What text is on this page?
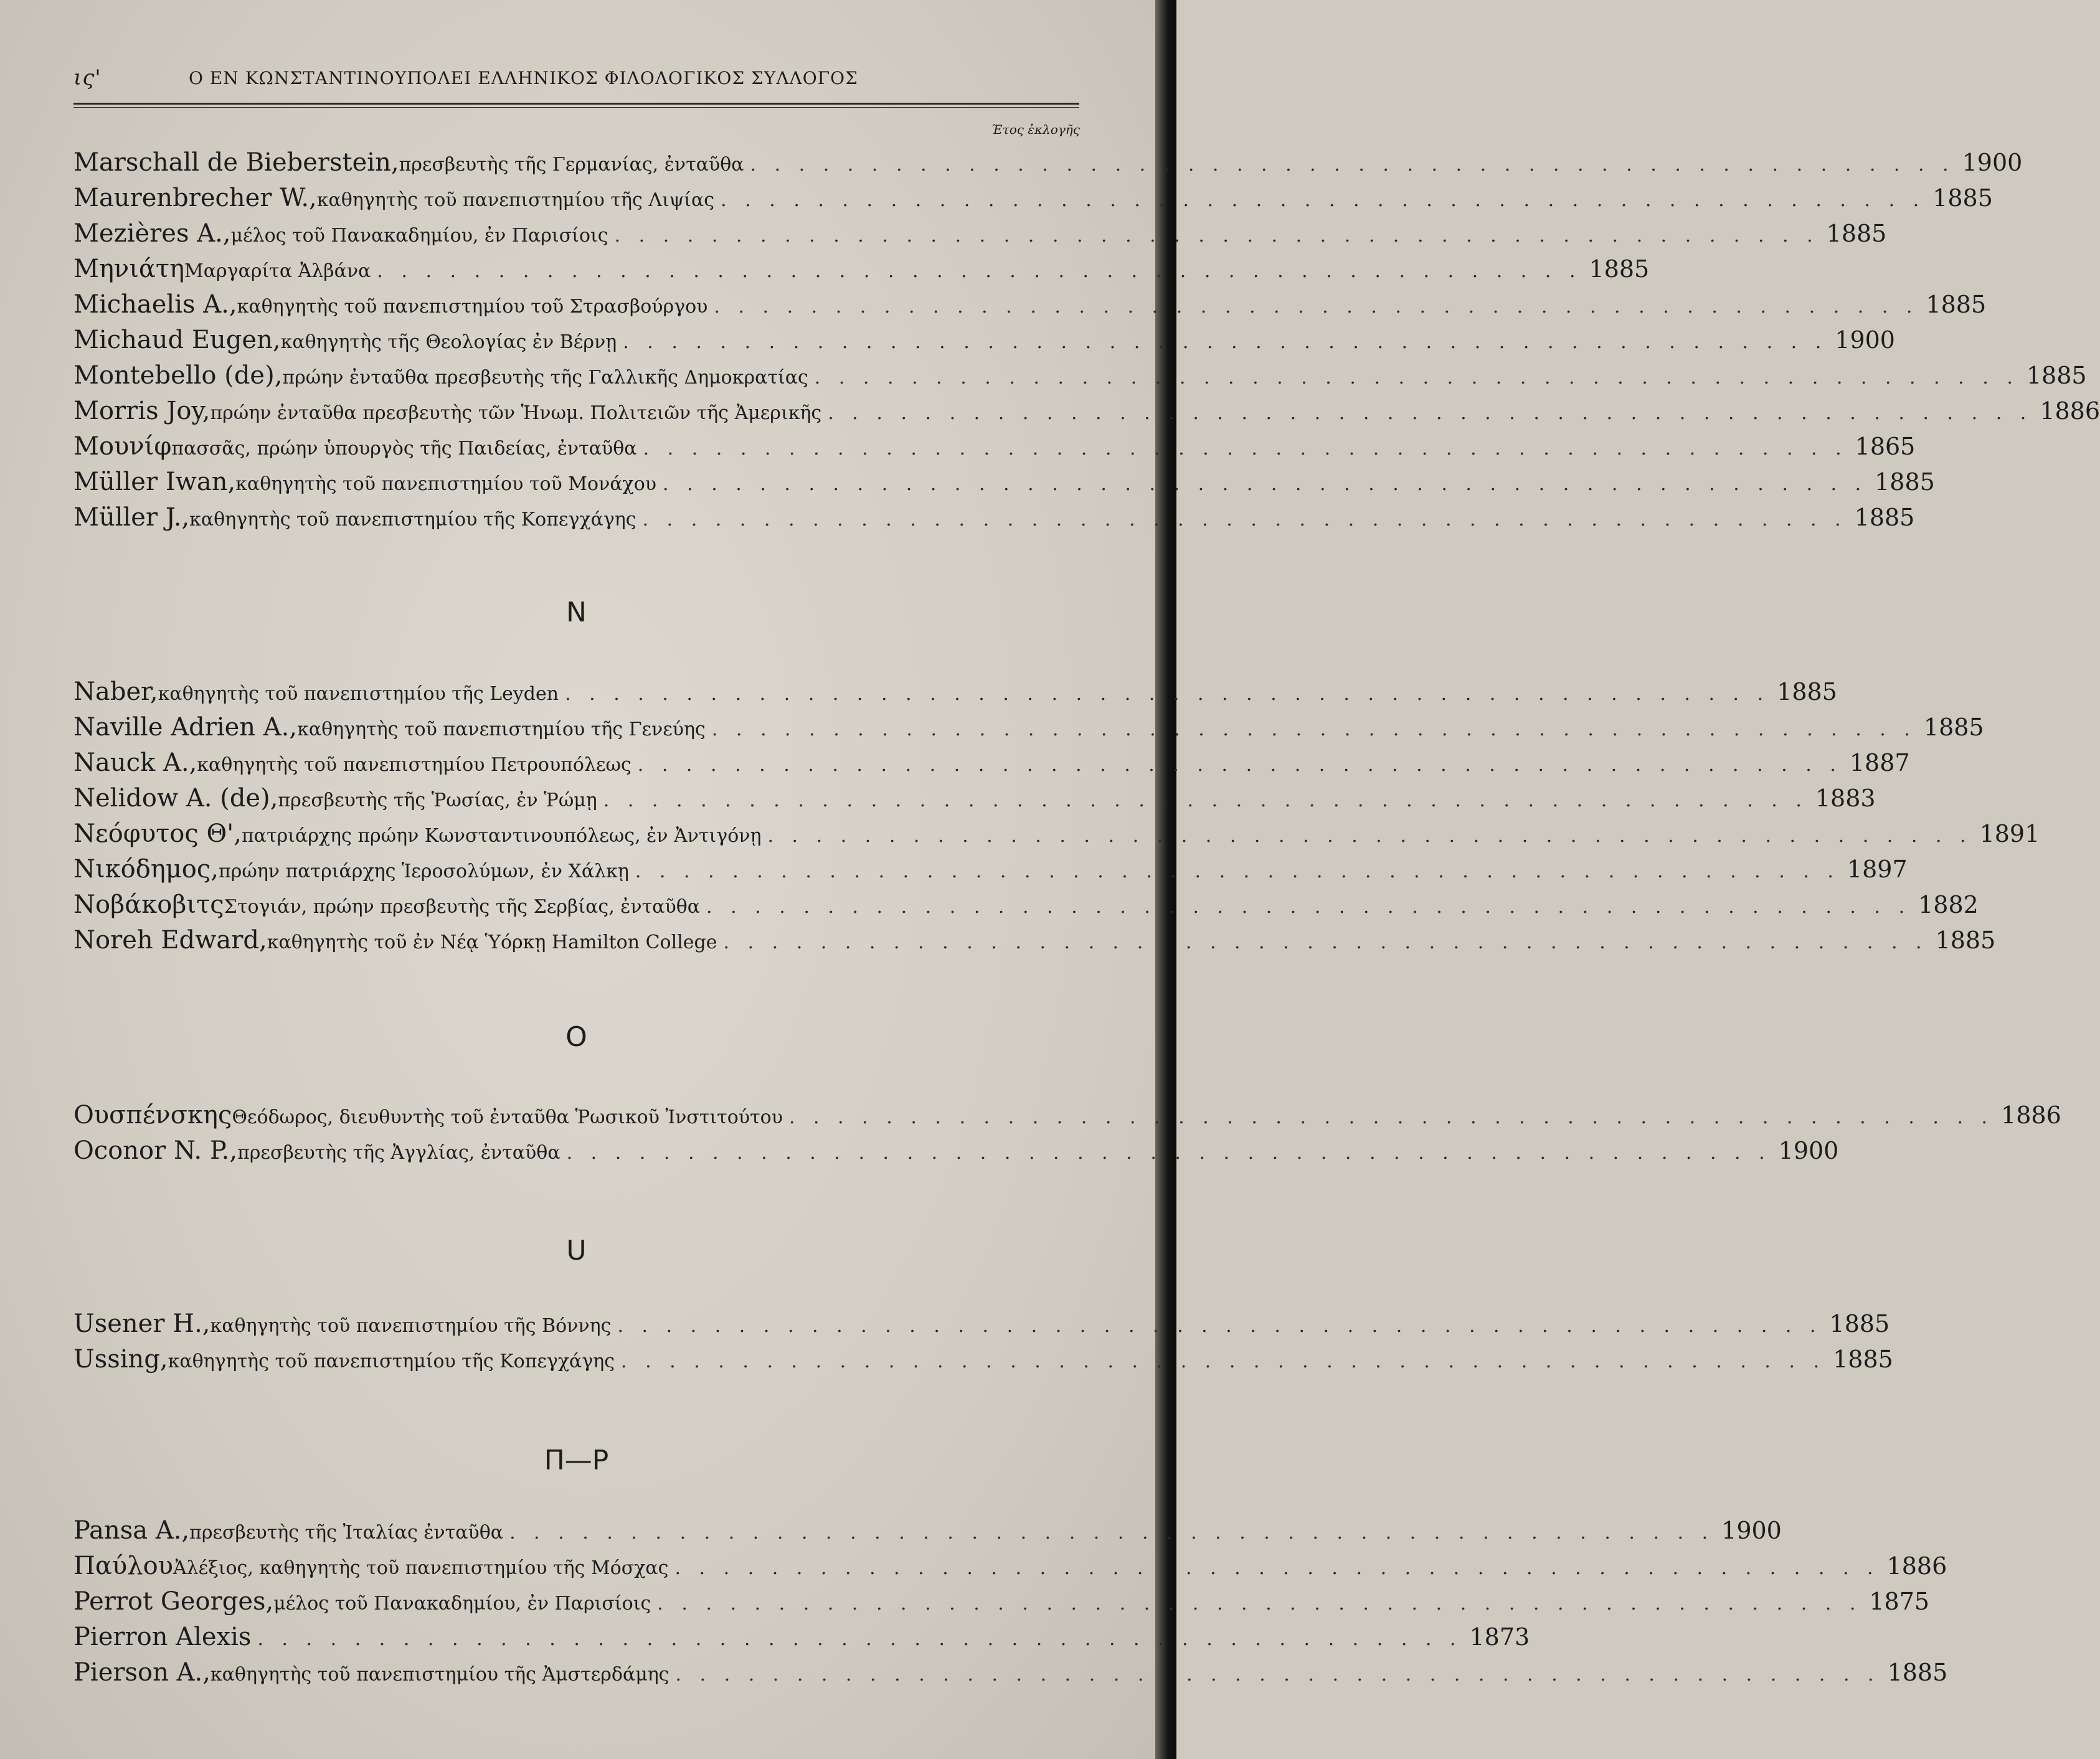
ις'	Ο ΕΝ ΚΩΝΣΤΑΝΤΙΝΟΥΠΟΛΕΙ ΕΛΛΗΝΙΚΟΣ ΦΙΛΟΛΟΓΙΚΟΣ ΣΥΛΛΟΓΟΣ
Έτος ἐκλογῆς
Marschall de Bieberstein, πρεσβευτὴς τῆς Γερμανίας, ἐνταῦθα . . . . . . . . . . . . . . . . . . . . . . . . . . . . . . . . . . . . . . . . . . . . . . . . . . 1900
Maurenbrecher W., καθηγητὴς τοῦ πανεπιστημίου τῆς Λιψίας . . . . . . . . . . . . . . . . . . . . . . . . . . . . . . . . . . . . . . . . . . . . . . . . . . 1885
Mezières A., μέλος τοῦ Πανακαδημίου, ἐν Παρισίοις . . . . . . . . . . . . . . . . . . . . . . . . . . . . . . . . . . . . . . . . . . . . . . . . . . 1885
Μηνιάτη Μαργαρίτα Ἀλβάνα . . . . . . . . . . . . . . . . . . . . . . . . . . . . . . . . . . . . . . . . . . . . . . . . . . 1885
Michaelis A., καθηγητὴς τοῦ πανεπιστημίου τοῦ Στρασβούργου . . . . . . . . . . . . . . . . . . . . . . . . . . . . . . . . . . . . . . . . . . . . . . . . . . 1885
Michaud Eugen, καθηγητὴς τῆς Θεολογίας ἐν Βέρνῃ . . . . . . . . . . . . . . . . . . . . . . . . . . . . . . . . . . . . . . . . . . . . . . . . . . 1900
Montebello (de), πρώην ἐνταῦθα πρεσβευτὴς τῆς Γαλλικῆς Δημοκρατίας . . . . . . . . . . . . . . . . . . . . . . . . . . . . . . . . . . . . . . . . . . . . . . . . . . 1885
Morris Joy, πρώην ἐνταῦθα πρεσβευτὴς τῶν Ἡνωμ. Πολιτειῶν τῆς Ἀμερικῆς . . . . . . . . . . . . . . . . . . . . . . . . . . . . . . . . . . . . . . . . . . . . . . . . . . 1886
Μουνίφ πασσᾶς, πρώην ὑπουργὸς τῆς Παιδείας, ἐνταῦθα . . . . . . . . . . . . . . . . . . . . . . . . . . . . . . . . . . . . . . . . . . . . . . . . . . 1865
Müller Iwan, καθηγητὴς τοῦ πανεπιστημίου τοῦ Μονάχου . . . . . . . . . . . . . . . . . . . . . . . . . . . . . . . . . . . . . . . . . . . . . . . . . . 1885
Müller J., καθηγητὴς τοῦ πανεπιστημίου τῆς Κοπεγχάγης . . . . . . . . . . . . . . . . . . . . . . . . . . . . . . . . . . . . . . . . . . . . . . . . . . 1885
N
Naber, καθηγητὴς τοῦ πανεπιστημίου τῆς Leyden . . . . . . . . . . . . . . . . . . . . . . . . . . . . . . . . . . . . . . . . . . . . . . . . . . 1885
Naville Adrien A., καθηγητὴς τοῦ πανεπιστημίου τῆς Γενεύης . . . . . . . . . . . . . . . . . . . . . . . . . . . . . . . . . . . . . . . . . . . . . . . . . . 1885
Nauck A., καθηγητὴς τοῦ πανεπιστημίου Πετρουπόλεως . . . . . . . . . . . . . . . . . . . . . . . . . . . . . . . . . . . . . . . . . . . . . . . . . . 1887
Nelidow A. (de), πρεσβευτὴς τῆς Ῥωσίας, ἐν Ῥώμῃ . . . . . . . . . . . . . . . . . . . . . . . . . . . . . . . . . . . . . . . . . . . . . . . . . . 1883
Νεόφυτος Θ', πατριάρχης πρώην Κωνσταντινουπόλεως, ἐν Ἀντιγόνῃ . . . . . . . . . . . . . . . . . . . . . . . . . . . . . . . . . . . . . . . . . . . . . . . . . . 1891
Νικόδημος, πρώην πατριάρχης Ἱεροσολύμων, ἐν Χάλκῃ . . . . . . . . . . . . . . . . . . . . . . . . . . . . . . . . . . . . . . . . . . . . . . . . . . 1897
Νοβάκοβιτς Στογιάν, πρώην πρεσβευτὴς τῆς Σερβίας, ἐνταῦθα . . . . . . . . . . . . . . . . . . . . . . . . . . . . . . . . . . . . . . . . . . . . . . . . . . 1882
Noreh Edward, καθηγητὴς τοῦ ἐν Νέᾳ Ὑόρκῃ Hamilton College . . . . . . . . . . . . . . . . . . . . . . . . . . . . . . . . . . . . . . . . . . . . . . . . . . 1885
O
Ουσπένσκης Θεόδωρος, διευθυντὴς τοῦ ἐνταῦθα Ῥωσικοῦ Ἰνστιτούτου . . . . . . . . . . . . . . . . . . . . . . . . . . . . . . . . . . . . . . . . . . . . . . . . . . 1886
Oconor N. P., πρεσβευτὴς τῆς Ἀγγλίας, ἐνταῦθα . . . . . . . . . . . . . . . . . . . . . . . . . . . . . . . . . . . . . . . . . . . . . . . . . . 1900
U
Usener H., καθηγητὴς τοῦ πανεπιστημίου τῆς Βόννης . . . . . . . . . . . . . . . . . . . . . . . . . . . . . . . . . . . . . . . . . . . . . . . . . . 1885
Ussing, καθηγητὴς τοῦ πανεπιστημίου τῆς Κοπεγχάγης . . . . . . . . . . . . . . . . . . . . . . . . . . . . . . . . . . . . . . . . . . . . . . . . . . 1885
Π—Ρ
Pansa A., πρεσβευτὴς τῆς Ἰταλίας ἐνταῦθα . . . . . . . . . . . . . . . . . . . . . . . . . . . . . . . . . . . . . . . . . . . . . . . . . . 1900
Παύλου Ἀλέξιος, καθηγητὴς τοῦ πανεπιστημίου τῆς Μόσχας . . . . . . . . . . . . . . . . . . . . . . . . . . . . . . . . . . . . . . . . . . . . . . . . . . 1886
Perrot Georges, μέλος τοῦ Πανακαδημίου, ἐν Παρισίοις . . . . . . . . . . . . . . . . . . . . . . . . . . . . . . . . . . . . . . . . . . . . . . . . . . 1875
Pierron Alexis . . . . . . . . . . . . . . . . . . . . . . . . . . . . . . . . . . . . . . . . . . . . . . . . . . 1873
Pierson A., καθηγητὴς τοῦ πανεπιστημίου τῆς Ἀμστερδάμης . . . . . . . . . . . . . . . . . . . . . . . . . . . . . . . . . . . . . . . . . . . . . . . . . . 1885
